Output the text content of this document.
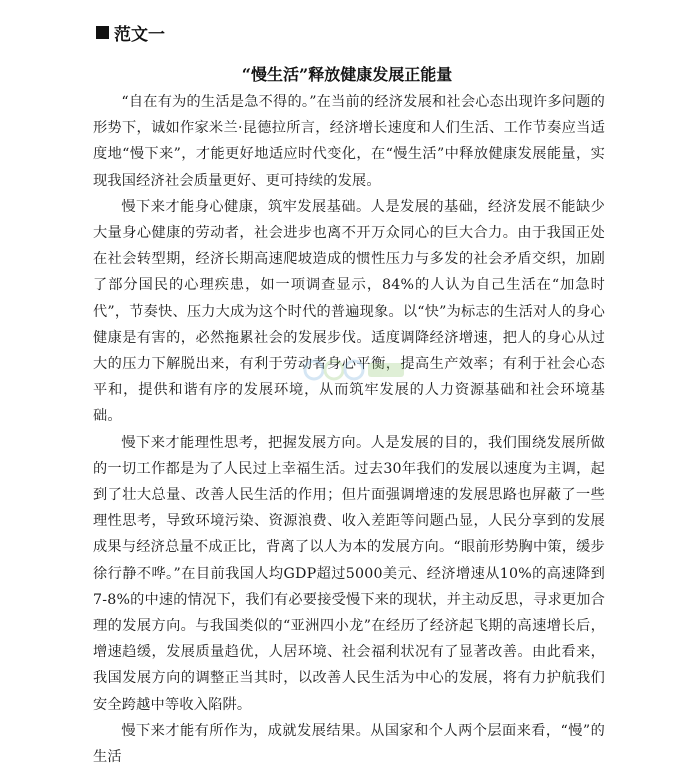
范文一
“慢生活”释放健康发展正能量

“自在有为的生活是急不得的。”在当前的经济发展和社会心态出现许多问题的形势下，诚如作家米兰·昆德拉所言，经济增长速度和人们生活、工作节奏应当适度地“慢下来”，才能更好地适应时代变化，在“慢生活”中释放健康发展能量，实现我国经济社会质量更好、更可持续的发展。

慢下来才能身心健康，筑牢发展基础。人是发展的基础，经济发展不能缺少大量身心健康的劳动者，社会进步也离不开万众同心的巨大合力。由于我国正处在社会转型期，经济长期高速爬坡造成的惯性压力与多发的社会矛盾交织，加剧了部分国民的心理疾患，如一项调查显示，84%的人认为自己生活在“加急时代”，节奏快、压力大成为这个时代的普遍现象。以“快”为标志的生活对人的身心健康是有害的，必然拖累社会的发展步伐。适度调降经济增速，把人的身心从过大的压力下解脱出来，有利于劳动者身心平衡，提高生产效率；有利于社会心态平和，提供和谐有序的发展环境，从而筑牢发展的人力资源基础和社会环境基础。

慢下来才能理性思考，把握发展方向。人是发展的目的，我们围绕发展所做的一切工作都是为了人民过上幸福生活。过去30年我们的发展以速度为主调，起到了壮大总量、改善人民生活的作用；但片面强调增速的发展思路也屏蔽了一些理性思考，导致环境污染、资源浪费、收入差距等问题凸显，人民分享到的发展成果与经济总量不成正比，背离了以人为本的发展方向。“眼前形势胸中策，缓步徐行静不哗。”在目前我国人均GDP超过5000美元、经济增速从10%的高速降到7-8%的中速的情况下，我们有必要接受慢下来的现状，并主动反思，寻求更加合理的发展方向。与我国类似的“亚洲四小龙”在经历了经济起飞期的高速增长后，增速趋缓，发展质量趋优，人居环境、社会福利状况有了显著改善。由此看来，我国发展方向的调整正当其时，以改善人民生活为中心的发展，将有力护航我们安全跨越中等收入陷阱。

慢下来才能有所作为，成就发展结果。从国家和个人两个层面来看，“慢”的生活
